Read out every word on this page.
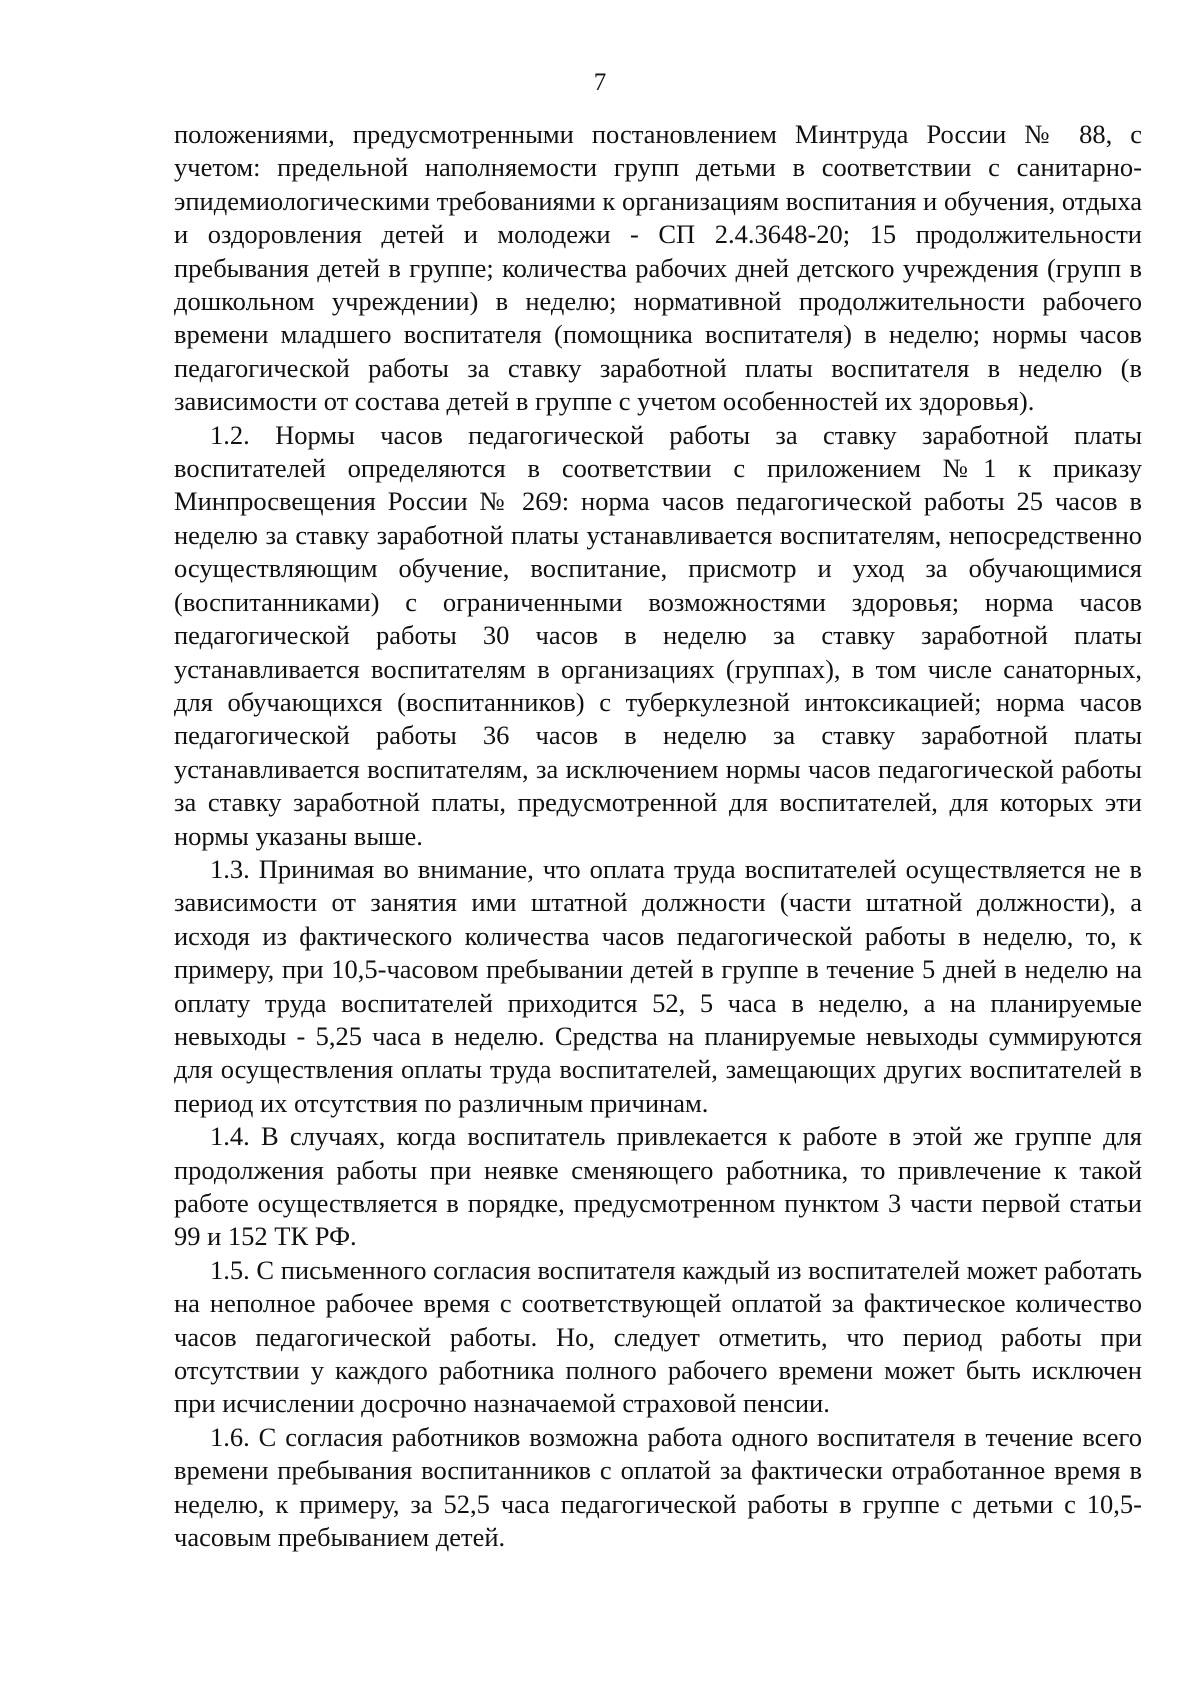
7

положениями, предусмотренными постановлением Минтруда России № 88, с учетом: предельной наполняемости групп детьми в соответствии с санитарно-эпидемиологическими требованиями к организациям воспитания и обучения, отдыха и оздоровления детей и молодежи - СП 2.4.3648-20; 15 продолжительности пребывания детей в группе; количества рабочих дней детского учреждения (групп в дошкольном учреждении) в неделю; нормативной продолжительности рабочего времени младшего воспитателя (помощника воспитателя) в неделю; нормы часов педагогической работы за ставку заработной платы воспитателя в неделю (в зависимости от состава детей в группе с учетом особенностей их здоровья).

1.2. Нормы часов педагогической работы за ставку заработной платы воспитателей определяются в соответствии с приложением №1 к приказу Минпросвещения России № 269: норма часов педагогической работы 25 часов в неделю за ставку заработной платы устанавливается воспитателям, непосредственно осуществляющим обучение, воспитание, присмотр и уход за обучающимися (воспитанниками) с ограниченными возможностями здоровья; норма часов педагогической работы 30 часов в неделю за ставку заработной платы устанавливается воспитателям в организациях (группах), в том числе санаторных, для обучающихся (воспитанников) с туберкулезной интоксикацией; норма часов педагогической работы 36 часов в неделю за ставку заработной платы устанавливается воспитателям, за исключением нормы часов педагогической работы за ставку заработной платы, предусмотренной для воспитателей, для которых эти нормы указаны выше.

1.3. Принимая во внимание, что оплата труда воспитателей осуществляется не в зависимости от занятия ими штатной должности (части штатной должности), а исходя из фактического количества часов педагогической работы в неделю, то, к примеру, при 10,5-часовом пребывании детей в группе в течение 5 дней в неделю на оплату труда воспитателей приходится 52, 5 часа в неделю, а на планируемые невыходы - 5,25 часа в неделю. Средства на планируемые невыходы суммируются для осуществления оплаты труда воспитателей, замещающих других воспитателей в период их отсутствия по различным причинам.

1.4. В случаях, когда воспитатель привлекается к работе в этой же группе для продолжения работы при неявке сменяющего работника, то привлечение к такой работе осуществляется в порядке, предусмотренном пунктом 3 части первой статьи 99 и 152 ТК РФ.

1.5. С письменного согласия воспитателя каждый из воспитателей может работать на неполное рабочее время с соответствующей оплатой за фактическое количество часов педагогической работы. Но, следует отметить, что период работы при отсутствии у каждого работника полного рабочего времени может быть исключен при исчислении досрочно назначаемой страховой пенсии.

1.6. С согласия работников возможна работа одного воспитателя в течение всего времени пребывания воспитанников с оплатой за фактически отработанное время в неделю, к примеру, за 52,5 часа педагогической работы в группе с детьми с 10,5-часовым пребыванием детей.
